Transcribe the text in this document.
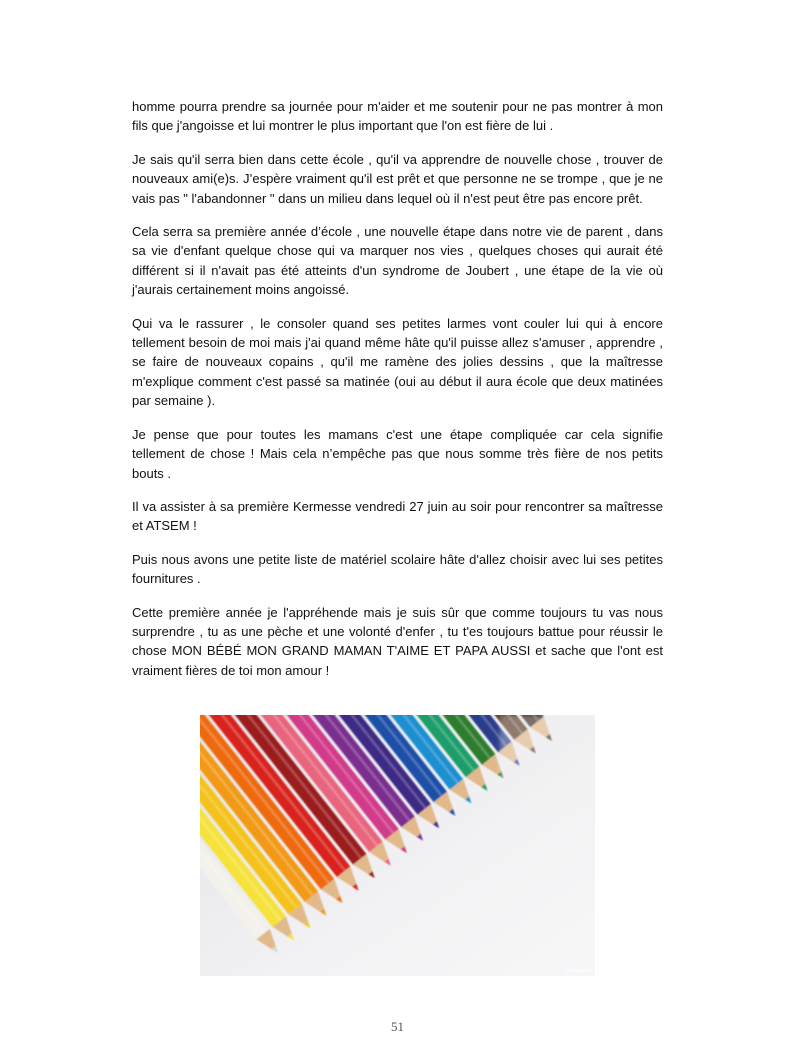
homme pourra prendre sa journée pour m'aider et me soutenir pour ne pas montrer à mon fils que j'angoisse et lui montrer le plus important que l'on est fière de lui .

Je sais qu'il serra bien dans cette école , qu'il va apprendre de nouvelle chose , trouver de nouveaux ami(e)s. J’espère vraiment qu'il est prêt et que personne ne se trompe , que je ne vais pas " l'abandonner " dans un milieu dans lequel où il n'est peut être pas encore prêt.

Cela serra sa première année d’école , une nouvelle étape dans notre vie de parent , dans sa vie d'enfant quelque chose qui va marquer nos vies , quelques choses qui aurait été différent si il n'avait pas été atteints d'un syndrome de Joubert , une étape de la vie où j'aurais certainement moins angoissé.

Qui va le rassurer , le consoler quand ses petites larmes vont couler lui qui à encore tellement besoin de moi mais j'ai quand même hâte qu'il puisse allez s'amuser , apprendre , se faire de nouveaux copains , qu'il me ramène des jolies dessins , que la maîtresse m'explique comment c'est passé sa matinée (oui au début il aura école que deux matinées par semaine ).

Je pense que pour toutes les mamans c'est une étape compliquée car cela signifie tellement de chose ! Mais cela n’empêche pas que nous somme très fière de nos petits bouts .

Il va assister à sa première Kermesse vendredi 27 juin au soir pour rencontrer sa maîtresse et ATSEM !

Puis nous avons une petite liste de matériel scolaire hâte d'allez choisir avec lui ses petites fournitures .

Cette première année je l'appréhende mais je suis sûr que comme toujours tu vas nous surprendre , tu as une pèche et une volonté d'enfer , tu t'es toujours battue pour réussir le chose MON BÉBÉ MON GRAND MAMAN T'AIME ET PAPA AUSSI et sache que l'ont est vraiment fières de toi mon amour !

Wallpaper
51
